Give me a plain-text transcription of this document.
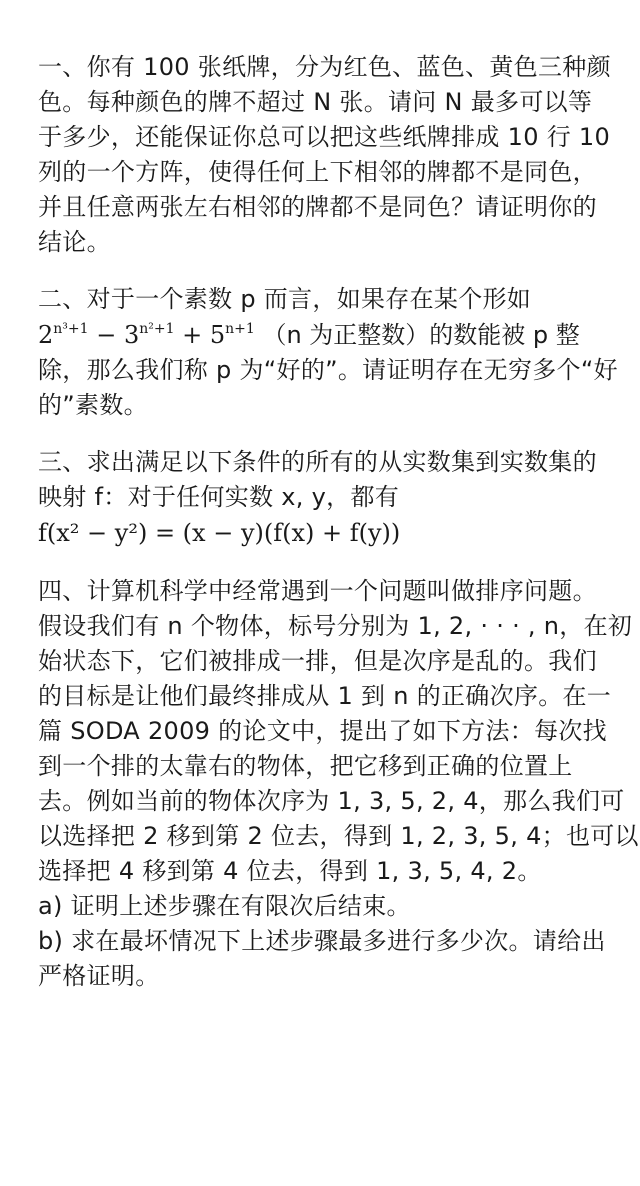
一、你有 100 张纸牌，分为红色、蓝色、黄色三种颜
色。每种颜色的牌不超过 N 张。请问 N 最多可以等
于多少，还能保证你总可以把这些纸牌排成 10 行 10
列的一个方阵，使得任何上下相邻的牌都不是同色，
并且任意两张左右相邻的牌都不是同色？请证明你的
结论。
二、对于一个素数 p 而言，如果存在某个形如
$2^{n^3+1} - 3^{n^2+1} + 5^{n+1}$ （n 为正整数）的数能被 p 整
除，那么我们称 p 为“好的”。请证明存在无穷多个“好
的”素数。
三、求出满足以下条件的所有的从实数集到实数集的
映射 f：对于任何实数 x, y，都有
f(x² − y²) = (x − y)(f(x) + f(y))
四、计算机科学中经常遇到一个问题叫做排序问题。
假设我们有 n 个物体，标号分别为 1, 2, · · · , n，在初
始状态下，它们被排成一排，但是次序是乱的。我们
的目标是让他们最终排成从 1 到 n 的正确次序。在一
篇 SODA 2009 的论文中，提出了如下方法：每次找
到一个排的太靠右的物体，把它移到正确的位置上
去。例如当前的物体次序为 1, 3, 5, 2, 4，那么我们可
以选择把 2 移到第 2 位去，得到 1, 2, 3, 5, 4；也可以
选择把 4 移到第 4 位去，得到 1, 3, 5, 4, 2。
a) 证明上述步骤在有限次后结束。
b) 求在最坏情况下上述步骤最多进行多少次。请给出
严格证明。
